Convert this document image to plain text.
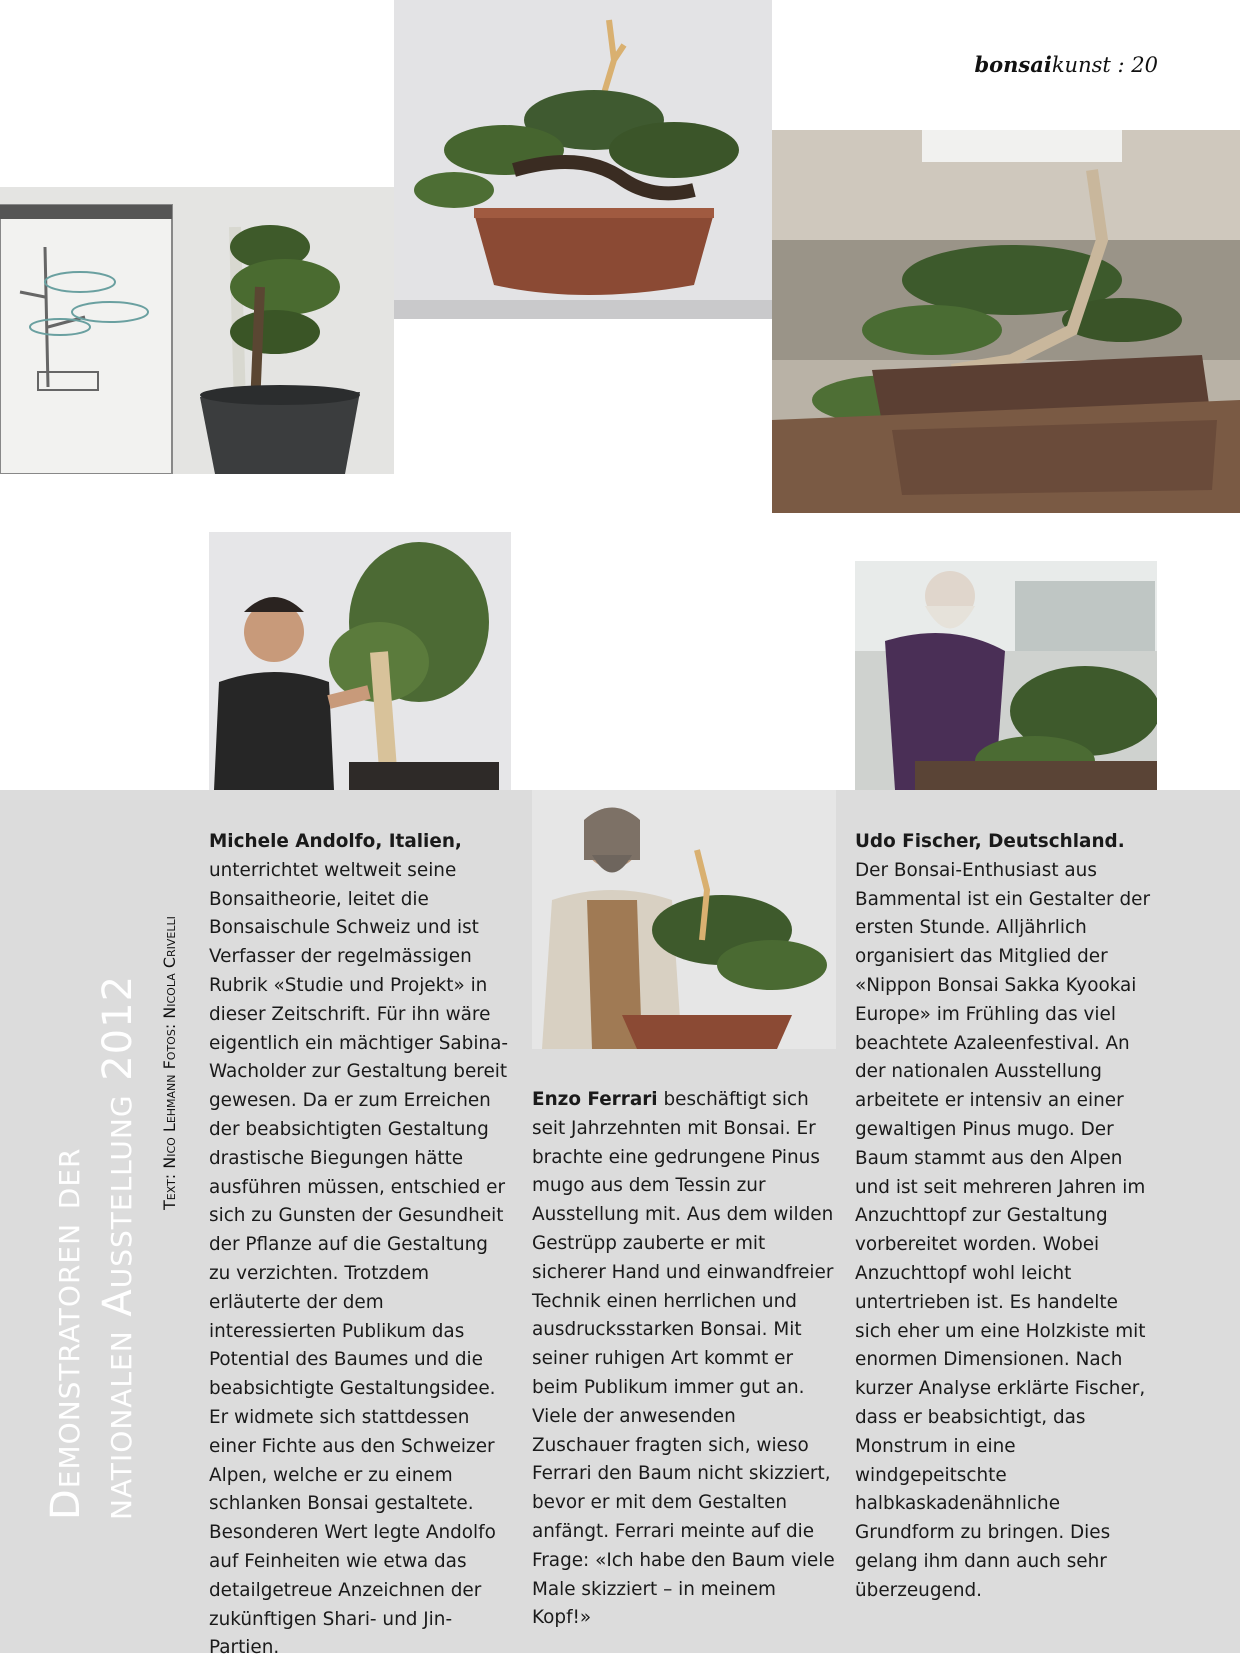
bonsaikunst : 20
Demonstratoren der nationalen Ausstellung 2012 Text: Nico Lehmann Fotos: Nicola Crivelli

Michele Andolfo, Italien, unterrichtet weltweit seine Bonsaitheorie, leitet die Bonsaischule Schweiz und ist Verfasser der regelmässigen Rubrik «Studie und Projekt» in dieser Zeitschrift. Für ihn wäre eigentlich ein mächtiger Sabina-Wacholder zur Gestaltung bereit gewesen. Da er zum Erreichen der beabsichtigten Gestaltung drastische Biegungen hätte ausführen müssen, entschied er sich zu Gunsten der Gesundheit der Pflanze auf die Gestaltung zu verzichten. Trotzdem erläuterte der dem interessierten Publikum das Potential des Baumes und die beabsichtigte Gestaltungsidee. Er widmete sich stattdessen einer Fichte aus den Schweizer Alpen, welche er zu einem schlanken Bonsai gestaltete. Besonderen Wert legte Andolfo auf Feinheiten wie etwa das detailgetreue Anzeichnen der zukünftigen Shari- und Jin-Partien.

Enzo Ferrari beschäftigt sich seit Jahrzehnten mit Bonsai. Er brachte eine gedrungene Pinus mugo aus dem Tessin zur Ausstellung mit. Aus dem wilden Gestrüpp zauberte er mit sicherer Hand und einwandfreier Technik einen herrlichen und ausdrucksstarken Bonsai. Mit seiner ruhigen Art kommt er beim Publikum immer gut an. Viele der anwesenden Zuschauer fragten sich, wieso Ferrari den Baum nicht skizziert, bevor er mit dem Gestalten anfängt. Ferrari meinte auf die Frage: «Ich habe den Baum viele Male skizziert – in meinem Kopf!»

Udo Fischer, Deutschland. Der Bonsai-Enthusiast aus Bammental ist ein Gestalter der ersten Stunde. Alljährlich organisiert das Mitglied der «Nippon Bonsai Sakka Kyookai Europe» im Frühling das viel beachtete Azaleenfestival. An der nationalen Ausstellung arbeitete er intensiv an einer gewaltigen Pinus mugo. Der Baum stammt aus den Alpen und ist seit mehreren Jahren im Anzuchttopf zur Gestaltung vorbereitet worden. Wobei Anzuchttopf wohl leicht untertrieben ist. Es handelte sich eher um eine Holzkiste mit enormen Dimensionen. Nach kurzer Analyse erklärte Fischer, dass er beabsichtigt, das Monstrum in eine windgepeitschte halbkaskadenähnliche Grundform zu bringen. Dies gelang ihm dann auch sehr überzeugend.
